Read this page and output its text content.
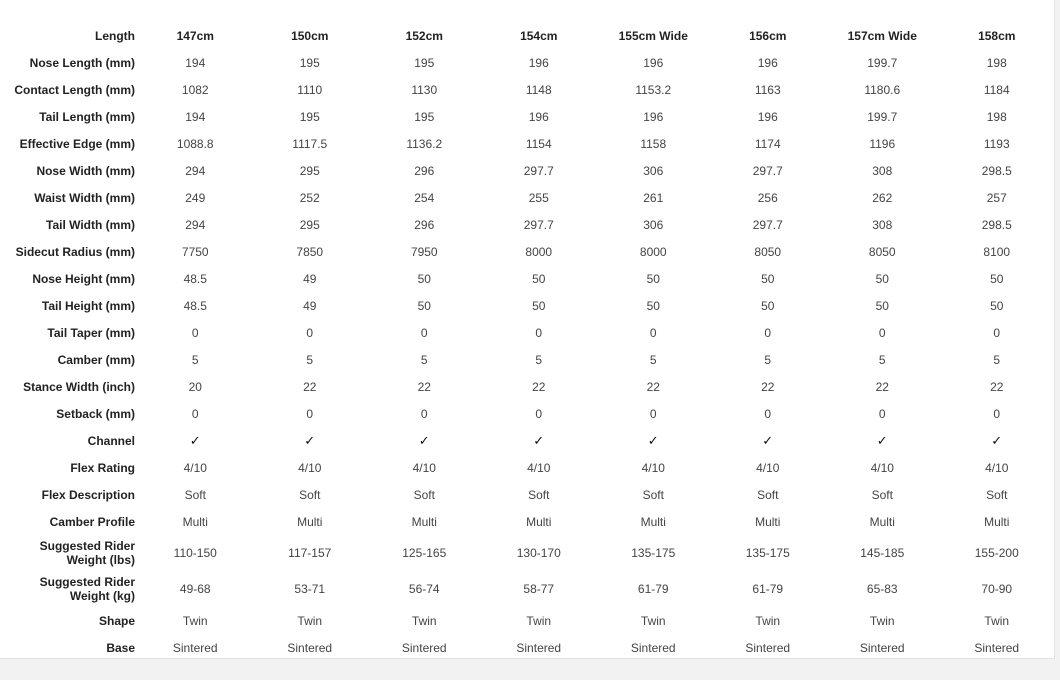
Length	147cm	150cm	152cm	154cm	155cm Wide	156cm	157cm Wide	158cm
Nose Length (mm)	194	195	195	196	196	196	199.7	198
Contact Length (mm)	1082	1110	1130	1148	1153.2	1163	1180.6	1184
Tail Length (mm)	194	195	195	196	196	196	199.7	198
Effective Edge (mm)	1088.8	1117.5	1136.2	1154	1158	1174	1196	1193
Nose Width (mm)	294	295	296	297.7	306	297.7	308	298.5
Waist Width (mm)	249	252	254	255	261	256	262	257
Tail Width (mm)	294	295	296	297.7	306	297.7	308	298.5
Sidecut Radius (mm)	7750	7850	7950	8000	8000	8050	8050	8100
Nose Height (mm)	48.5	49	50	50	50	50	50	50
Tail Height (mm)	48.5	49	50	50	50	50	50	50
Tail Taper (mm)	0	0	0	0	0	0	0	0
Camber (mm)	5	5	5	5	5	5	5	5
Stance Width (inch)	20	22	22	22	22	22	22	22
Setback (mm)	0	0	0	0	0	0	0	0
Channel	✓	✓	✓	✓	✓	✓	✓	✓
Flex Rating	4/10	4/10	4/10	4/10	4/10	4/10	4/10	4/10
Flex Description	Soft	Soft	Soft	Soft	Soft	Soft	Soft	Soft
Camber Profile	Multi	Multi	Multi	Multi	Multi	Multi	Multi	Multi
Suggested Rider Weight (lbs)	110-150	117-157	125-165	130-170	135-175	135-175	145-185	155-200
Suggested Rider Weight (kg)	49-68	53-71	56-74	58-77	61-79	61-79	65-83	70-90
Shape	Twin	Twin	Twin	Twin	Twin	Twin	Twin	Twin
Base	Sintered	Sintered	Sintered	Sintered	Sintered	Sintered	Sintered	Sintered
